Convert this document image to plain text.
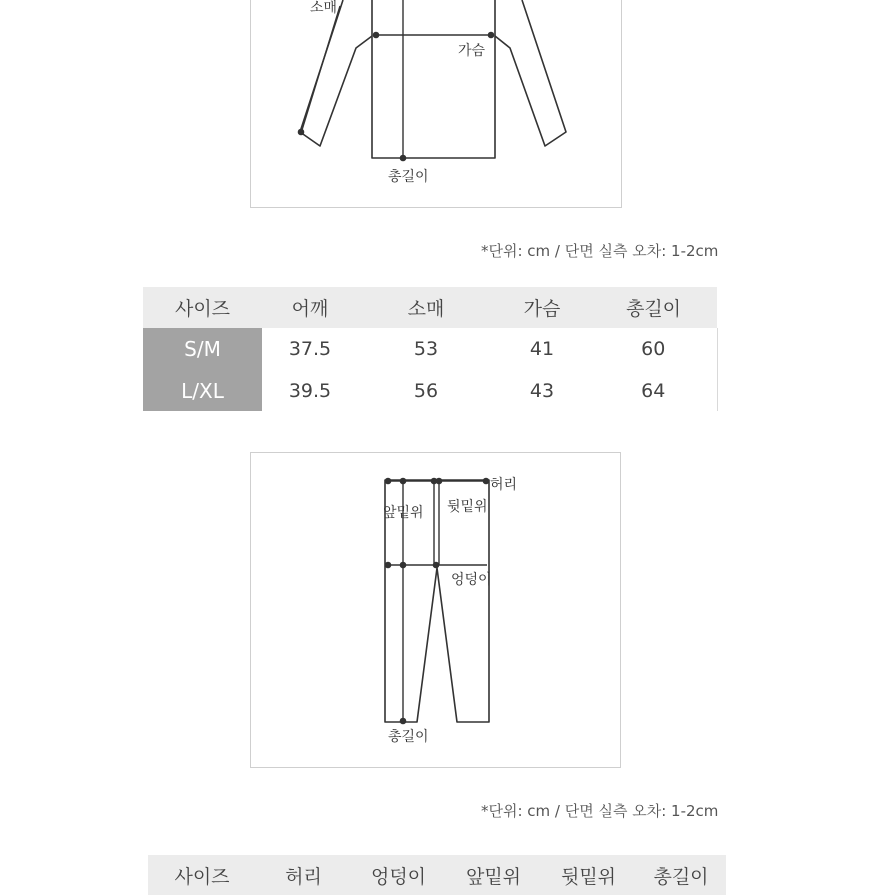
소매
가슴
총길이
*단위: cm / 단면 실측 오차: 1-2cm
사이즈	어깨	소매	가슴	총길이
S/M	37.5	53	41	60
L/XL	39.5	56	43	64
허리
앞밑위 뒷밑위
엉덩이
총길이
*단위: cm / 단면 실측 오차: 1-2cm
사이즈	허리	엉덩이	앞밑위	뒷밑위	총길이
